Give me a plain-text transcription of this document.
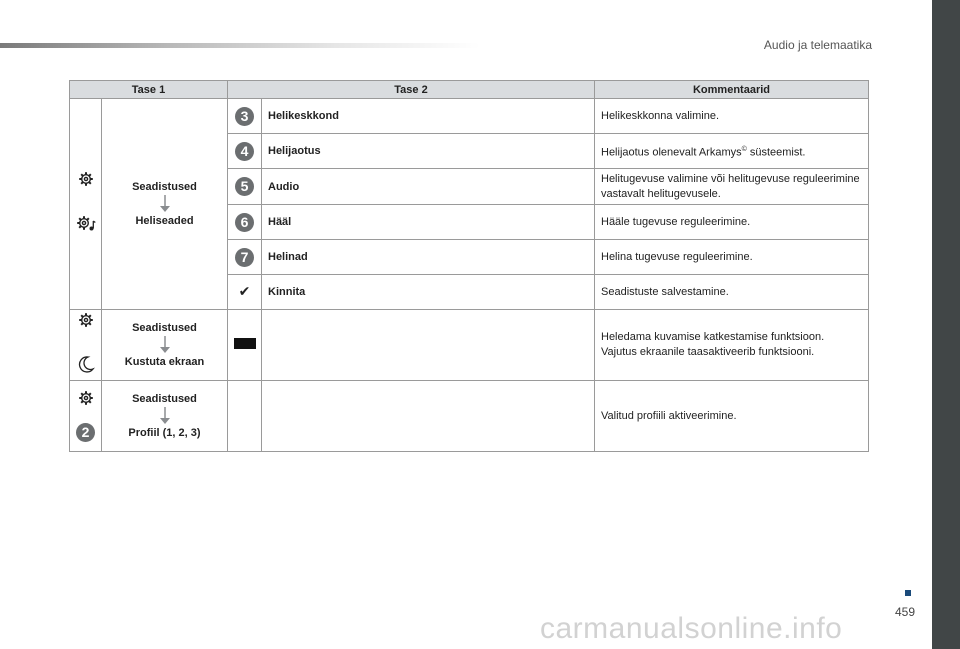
Audio ja telemaatika
Tase 1		Tase 2		Kommentaarid

Seadistused
Heliseaded	3	Helikeskkond	Helikeskkonna valimine.
		4	Helijaotus	Helijaotus olenevalt Arkamys© süsteemist.
		5	Audio	Helitugevuse valimine või helitugevuse reguleerimine vastavalt helitugevusele.
		6	Hääl	Hääle tugevuse reguleerimine.
		7	Helinad	Helina tugevuse reguleerimine.
		✔	Kinnita	Seadistuste salvestamine.

Seadistused
Kustuta ekraan			Heledama kuvamise katkestamise funktsioon.
Vajutus ekraanile taasaktiveerib funktsiooni.

2	Seadistused
Profiil (1, 2, 3)			Valitud profiili aktiveerimine.
459
carmanualsonline.info
